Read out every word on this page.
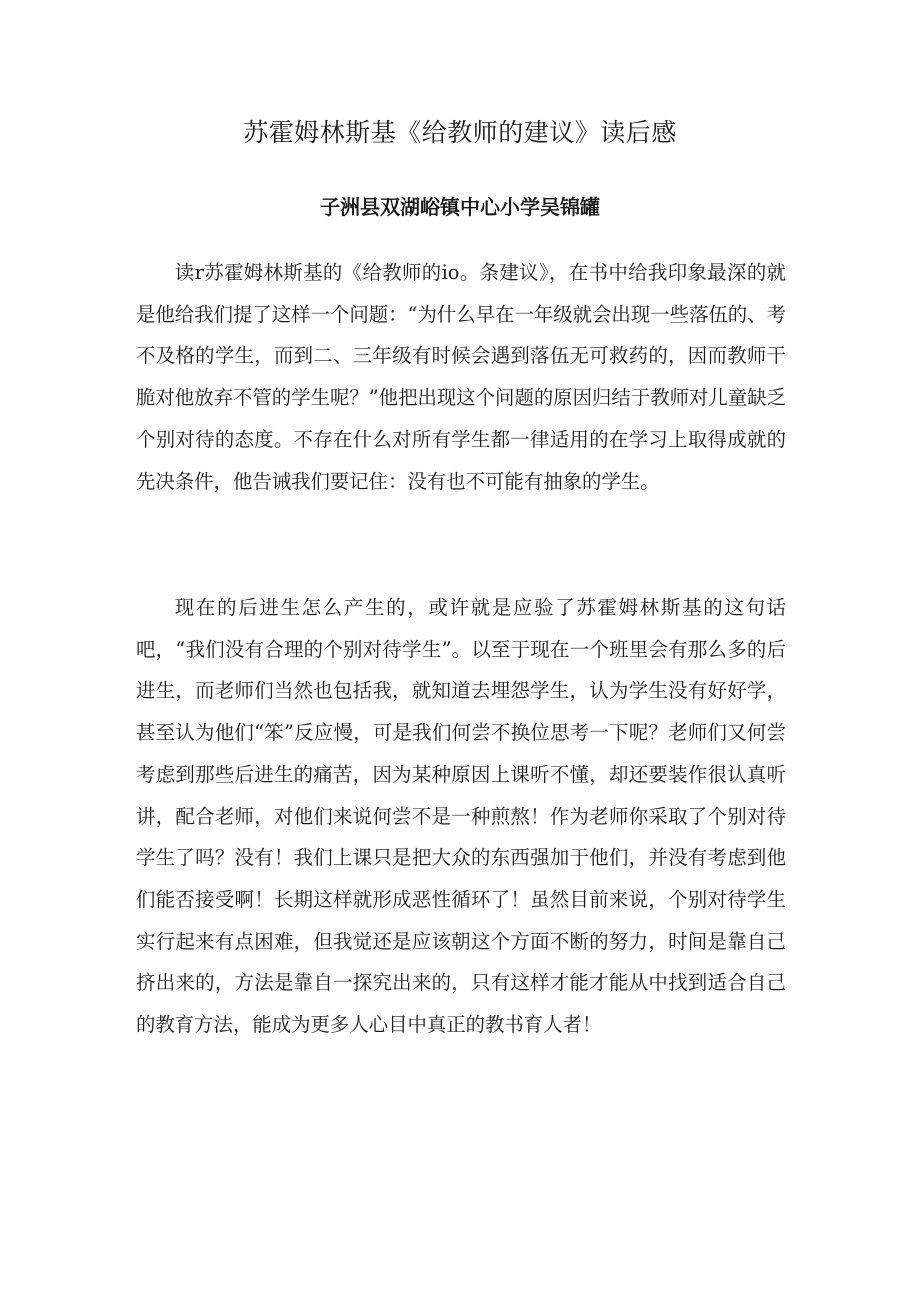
苏霍姆林斯基《给教师的建议》读后感
子洲县双湖峪镇中心小学吴锦罐

读r苏霍姆林斯基的《给教师的io。条建议》，在书中给我印象最深的就是他给我们提了这样一个问题：“为什么早在一年级就会出现一些落伍的、考不及格的学生，而到二、三年级有时候会遇到落伍无可救药的，因而教师干脆对他放弃不管的学生呢？”他把出现这个问题的原因归结于教师对儿童缺乏个别对待的态度。不存在什么对所有学生都一律适用的在学习上取得成就的先决条件，他告诫我们要记住：没有也不可能有抽象的学生。

现在的后进生怎么产生的，或许就是应验了苏霍姆林斯基的这句话吧，“我们没有合理的个别对待学生”。以至于现在一个班里会有那么多的后进生，而老师们当然也包括我，就知道去埋怨学生，认为学生没有好好学，甚至认为他们“笨”反应慢，可是我们何尝不换位思考一下呢？老师们又何尝考虑到那些后进生的痛苦，因为某种原因上课听不懂，却还要装作很认真听讲，配合老师，对他们来说何尝不是一种煎熬！作为老师你采取了个别对待学生了吗？没有！我们上课只是把大众的东西强加于他们，并没有考虑到他们能否接受啊！长期这样就形成恶性循环了！虽然目前来说，个别对待学生实行起来有点困难，但我觉还是应该朝这个方面不断的努力，时间是靠自己挤出来的，方法是靠自一探究出来的，只有这样才能才能从中找到适合自己的教育方法，能成为更多人心目中真正的教书育人者！
